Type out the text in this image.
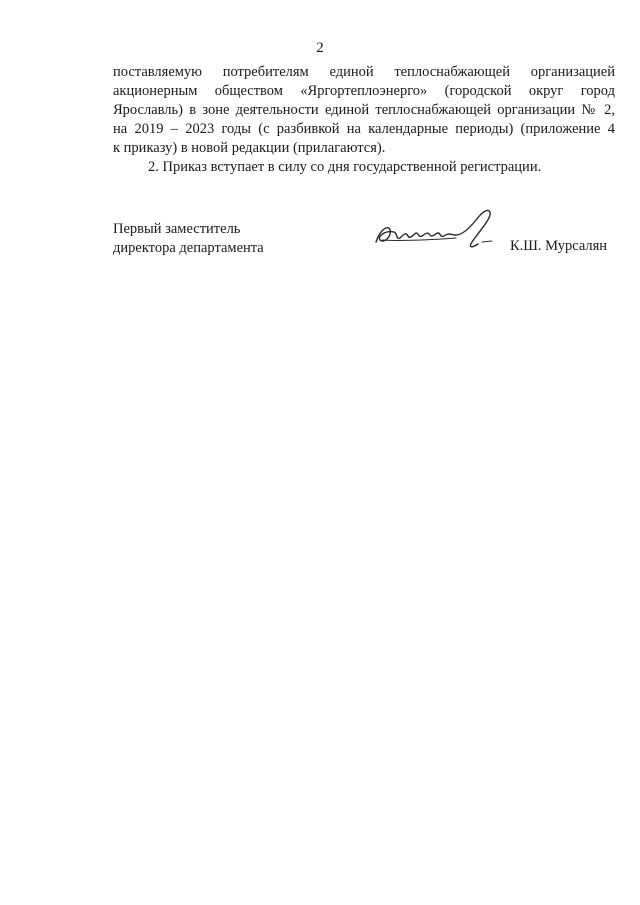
2
поставляемую потребителям единой теплоснабжающей организацией
акционерным обществом «Яргортеплоэнерго» (городской округ город
Ярославль) в зоне деятельности единой теплоснабжающей организации № 2,
на 2019 – 2023 годы (с разбивкой на календарные периоды) (приложение 4
к приказу) в новой редакции (прилагаются).
2. Приказ вступает в силу со дня государственной регистрации.
Первый заместитель
директора департамента	К.Ш. Мурсалян
